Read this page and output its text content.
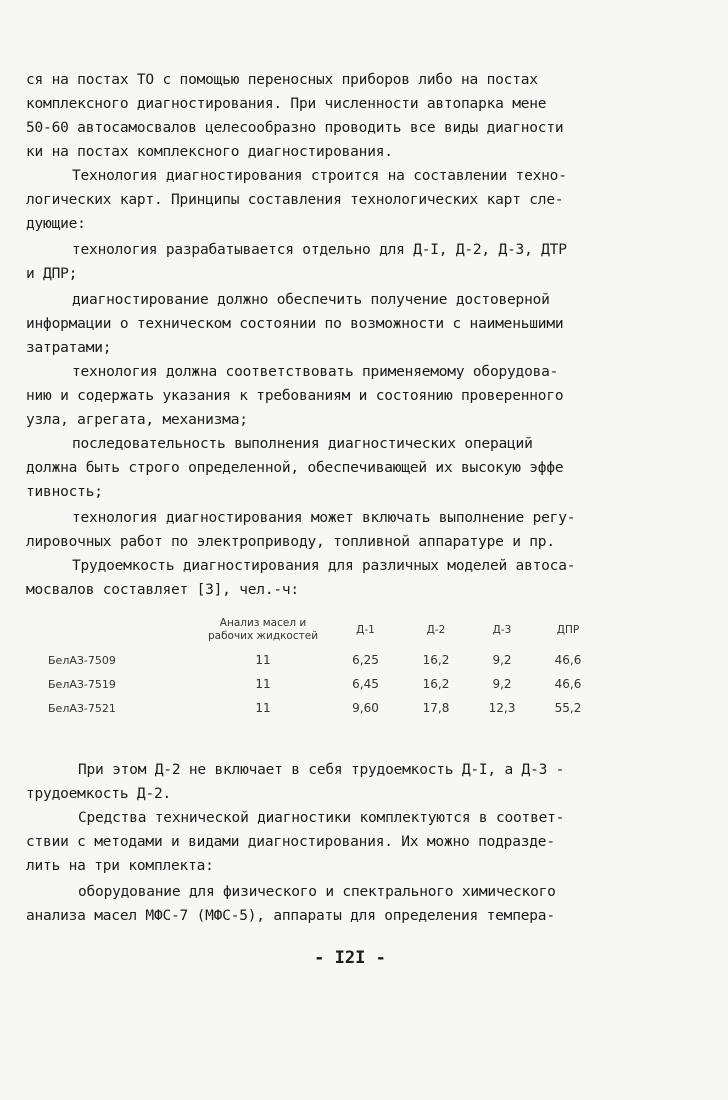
ся на постах ТО с помощью переносных приборов либо на постах
комплексного диагностирования. При численности автопарка мене
50-60 автосамосвалов целесообразно проводить все виды диагности
ки на постах комплексного диагностирования.
Технология диагностирования строится на составлении техно-
логических карт. Принципы составления технологических карт сле-
дующие:
технология разрабатывается отдельно для Д-I, Д-2, Д-3, ДТР
и ДПР;
диагностирование должно обеспечить получение достоверной
информации о техническом состоянии по возможности с наименьшими
затратами;
технология должна соответствовать применяемому оборудова-
нию и содержать указания к требованиям и состоянию проверенного
узла, агрегата, механизма;
последовательность выполнения диагностических операций
должна быть строго определенной, обеспечивающей их высокую эффе
тивность;
технология диагностирования может включать выполнение регу-
лировочных работ по электроприводу, топливной аппаратуре и пр.
Трудоемкость диагностирования для различных моделей автоса-
мосвалов составляет [3], чел.-ч:
	Анализ масел и рабочих жидкостей	Д-1	Д-2	Д-3	ДПР
БелАЗ-7509	11	6,25	16,2	9,2	46,6
БелАЗ-7519	11	6,45	16,2	9,2	46,6
БелАЗ-7521	11	9,60	17,8	12,3	55,2
При этом Д-2 не включает в себя трудоемкость Д-I, а Д-3 -
трудоемкость Д-2.
Средства технической диагностики комплектуются в соответ-
ствии с методами и видами диагностирования. Их можно подразде-
лить на три комплекта:
оборудование для физического и спектрального химического
анализа масел МФС-7 (МФС-5), аппараты для определения темпера-
- I2I -
